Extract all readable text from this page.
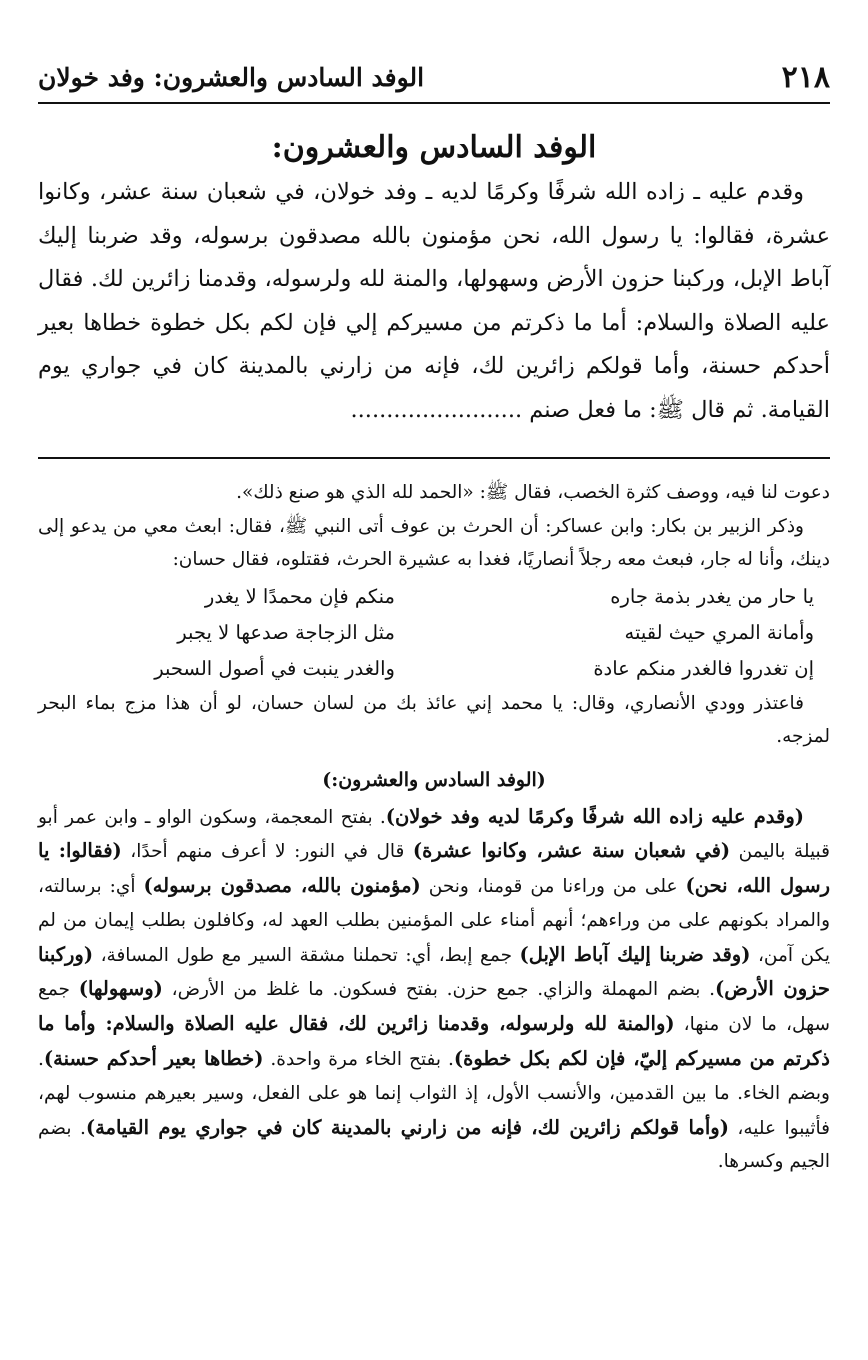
٢١٨
الوفد السادس والعشرون: وفد خولان
الوفد السادس والعشرون:

وقدم عليه ـ زاده الله شرفًا وكرمًا لديه ـ وفد خولان، في شعبان سنة عشر، وكانوا عشرة، فقالوا: يا رسول الله، نحن مؤمنون بالله مصدقون برسوله، وقد ضربنا إليك آباط الإبل، وركبنا حزون الأرض وسهولها، والمنة لله ولرسوله، وقدمنا زائرين لك. فقال عليه الصلاة والسلام: أما ما ذكرتم من مسيركم إلي فإن لكم بكل خطوة خطاها بعير أحدكم حسنة، وأما قولكم زائرين لك، فإنه من زارني بالمدينة كان في جواري يوم القيامة. ثم قال ﷺ: ما فعل صنم ........................

دعوت لنا فيه، ووصف كثرة الخصب، فقال ﷺ: «الحمد لله الذي هو صنع ذلك».

وذكر الزبير بن بكار: وابن عساكر: أن الحرث بن عوف أتى النبي ﷺ، فقال: ابعث معي من يدعو إلى دينك، وأنا له جار، فبعث معه رجلاً أنصاريًا، فغدا به عشيرة الحرث، فقتلوه، فقال حسان:

يا حار من يغدر بذمة جاره
منكم فإن محمدًا لا يغدر
وأمانة المري حيث لقيته
مثل الزجاجة صدعها لا يجبر
إن تغدروا فالغدر منكم عادة
والغدر ينبت في أصول السحبر

فاعتذر وودي الأنصاري، وقال: يا محمد إني عائذ بك من لسان حسان، لو أن هذا مزج بماء البحر لمزجه.

(الوفد السادس والعشرون:)

(وقدم عليه زاده الله شرفًا وكرمًا لديه وفد خولان). بفتح المعجمة، وسكون الواو ـ وابن عمر أبو قبيلة باليمن (في شعبان سنة عشر، وكانوا عشرة) قال في النور: لا أعرف منهم أحدًا، (فقالوا: يا رسول الله، نحن) على من وراءنا من قومنا، ونحن (مؤمنون بالله، مصدقون برسوله) أي: برسالته، والمراد بكونهم على من وراءهم؛ أنهم أمناء على المؤمنين بطلب العهد له، وكافلون بطلب إيمان من لم يكن آمن، (وقد ضربنا إليك آباط الإبل) جمع إبط، أي: تحملنا مشقة السير مع طول المسافة، (وركبنا حزون الأرض). بضم المهملة والزاي. جمع حزن. بفتح فسكون. ما غلظ من الأرض، (وسهولها) جمع سهل، ما لان منها، (والمنة لله ولرسوله، وقدمنا زائرين لك، فقال عليه الصلاة والسلام: وأما ما ذكرتم من مسيركم إليّ، فإن لكم بكل خطوة). بفتح الخاء مرة واحدة. (خطاها بعير أحدكم حسنة). وبضم الخاء. ما بين القدمين، والأنسب الأول، إذ الثواب إنما هو على الفعل، وسير بعيرهم منسوب لهم، فأثيبوا عليه، (وأما قولكم زائرين لك، فإنه من زارني بالمدينة كان في جواري يوم القيامة). بضم الجيم وكسرها.
